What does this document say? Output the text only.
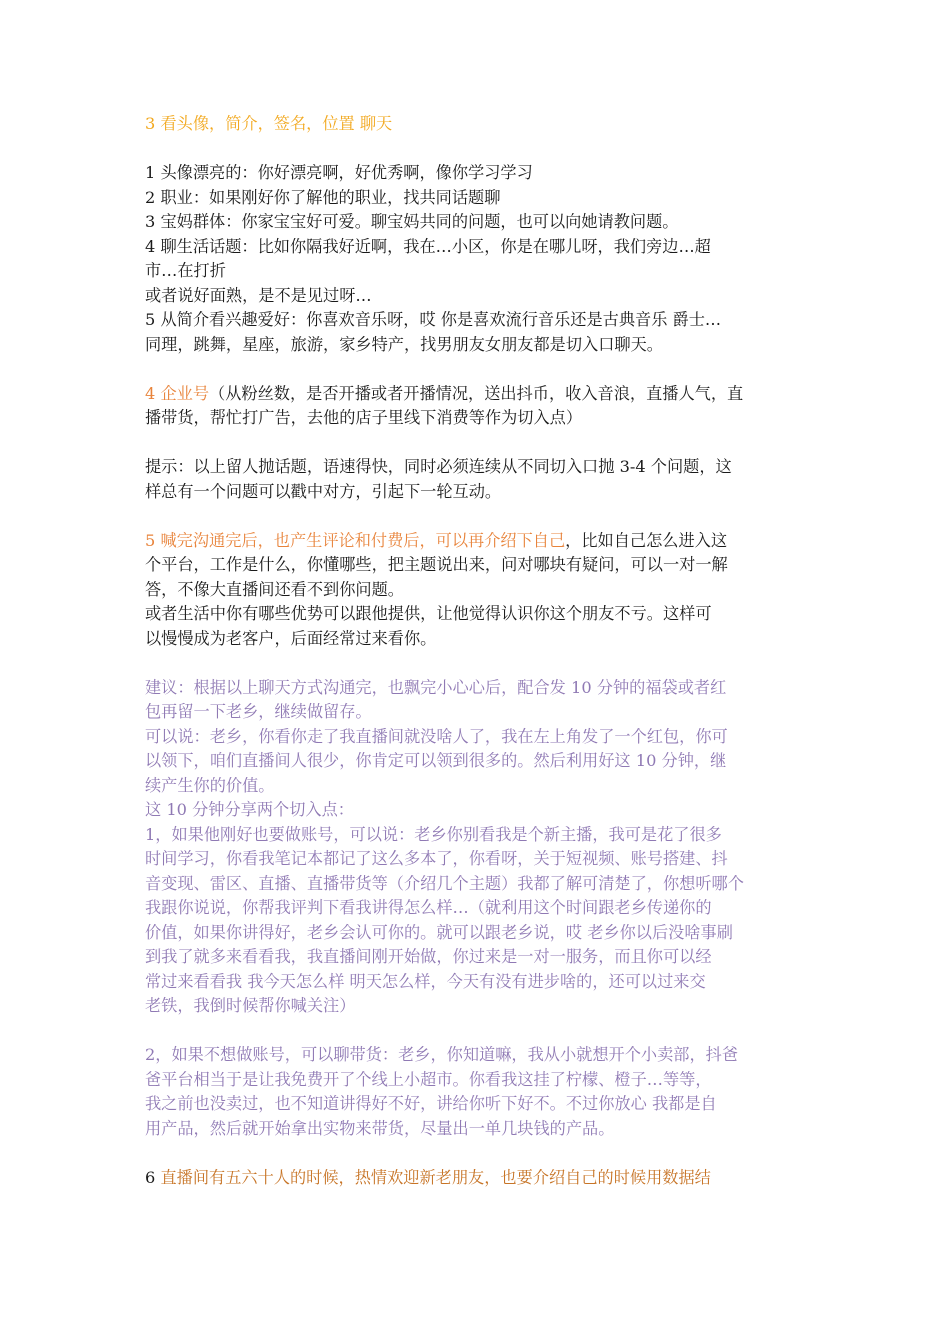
3 看头像，简介，签名，位置 聊天

1 头像漂亮的：你好漂亮啊，好优秀啊，像你学习学习
2 职业：如果刚好你了解他的职业，找共同话题聊
3 宝妈群体：你家宝宝好可爱。聊宝妈共同的问题，也可以向她请教问题。
4 聊生活话题：比如你隔我好近啊，我在…小区，你是在哪儿呀，我们旁边…超
市…在打折
或者说好面熟，是不是见过呀…
5 从简介看兴趣爱好：你喜欢音乐呀，哎 你是喜欢流行音乐还是古典音乐 爵士…
同理，跳舞，星座，旅游，家乡特产，找男朋友女朋友都是切入口聊天。
4 企业号（从粉丝数，是否开播或者开播情况，送出抖币，收入音浪，直播人气，直
播带货，帮忙打广告，去他的店子里线下消费等作为切入点）
提示：以上留人抛话题，语速得快，同时必须连续从不同切入口抛 3-4 个问题，这
样总有一个问题可以戳中对方，引起下一轮互动。
5 喊完沟通完后，也产生评论和付费后，可以再介绍下自己，比如自己怎么进入这
个平台，工作是什么，你懂哪些，把主题说出来，问对哪块有疑问，可以一对一解
答，不像大直播间还看不到你问题。
或者生活中你有哪些优势可以跟他提供，让他觉得认识你这个朋友不亏。这样可
以慢慢成为老客户，后面经常过来看你。
建议：根据以上聊天方式沟通完，也飘完小心心后，配合发 10 分钟的福袋或者红
包再留一下老乡，继续做留存。
可以说：老乡，你看你走了我直播间就没啥人了，我在左上角发了一个红包，你可
以领下，咱们直播间人很少，你肯定可以领到很多的。然后利用好这 10 分钟，继
续产生你的价值。
这 10 分钟分享两个切入点：
1，如果他刚好也要做账号，可以说：老乡你别看我是个新主播，我可是花了很多
时间学习，你看我笔记本都记了这么多本了，你看呀，关于短视频、账号搭建、抖
音变现、雷区、直播、直播带货等（介绍几个主题）我都了解可清楚了，你想听哪个
我跟你说说，你帮我评判下看我讲得怎么样…（就利用这个时间跟老乡传递你的
价值，如果你讲得好，老乡会认可你的。就可以跟老乡说，哎 老乡你以后没啥事刷
到我了就多来看看我，我直播间刚开始做，你过来是一对一服务，而且你可以经
常过来看看我 我今天怎么样 明天怎么样，今天有没有进步啥的，还可以过来交
老铁，我倒时候帮你喊关注）
2，如果不想做账号，可以聊带货：老乡，你知道嘛，我从小就想开个小卖部，抖爸
爸平台相当于是让我免费开了个线上小超市。你看我这挂了柠檬、橙子…等等，
我之前也没卖过，也不知道讲得好不好，讲给你听下好不。不过你放心 我都是自
用产品，然后就开始拿出实物来带货，尽量出一单几块钱的产品。
6 直播间有五六十人的时候，热情欢迎新老朋友，也要介绍自己的时候用数据结
